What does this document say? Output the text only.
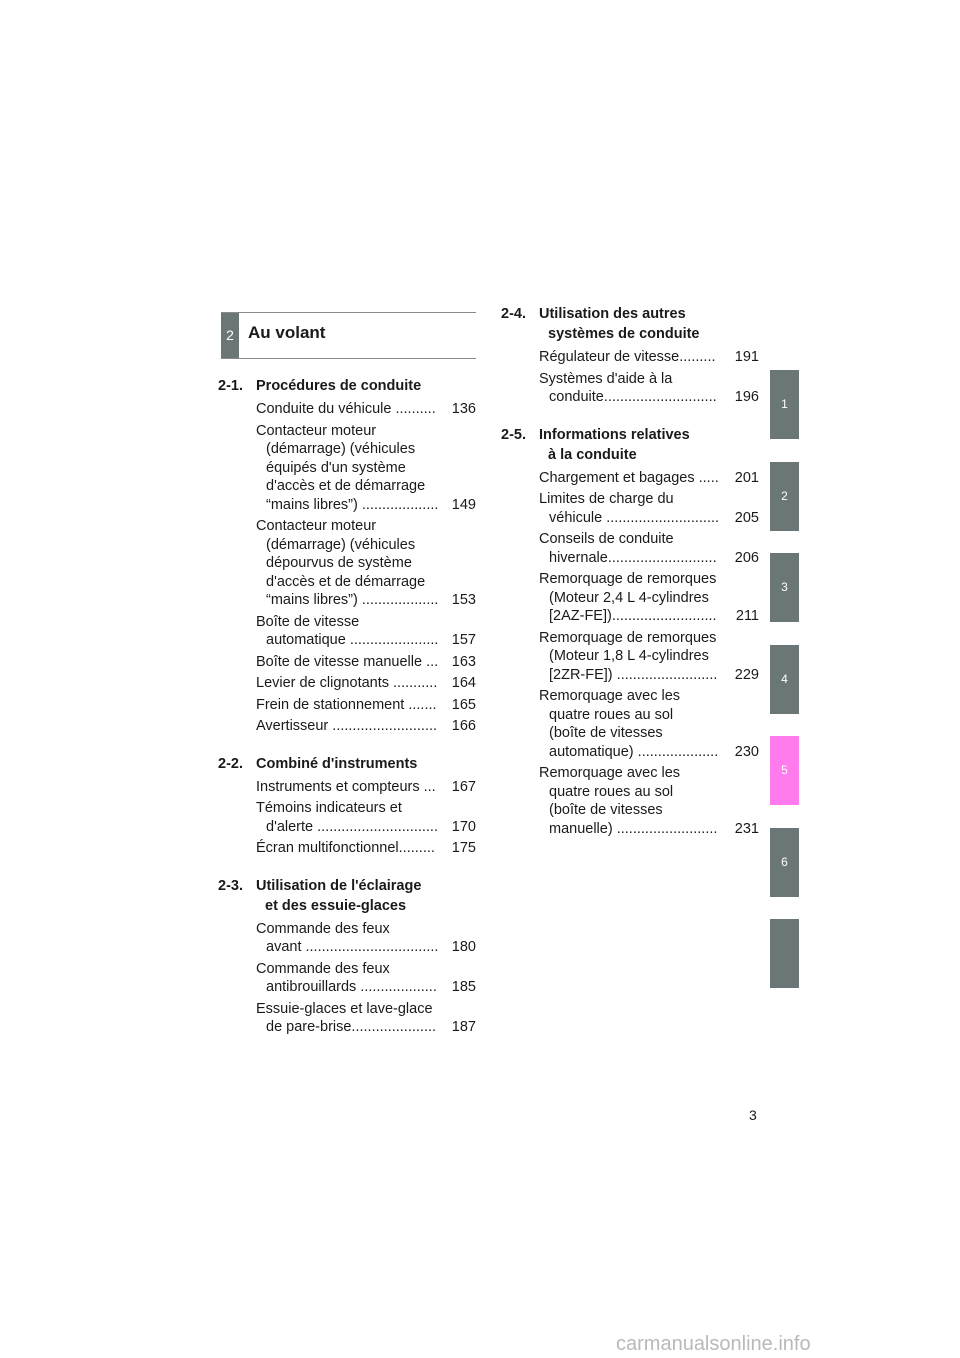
2 Au volant
2-1. Procédures de conduite
Conduite du véhicule ..........	136
Contacteur moteur
(démarrage) (véhicules
équipés d'un système
d'accès et de démarrage
“mains libres”) ................... 149
Contacteur moteur
(démarrage) (véhicules
dépourvus de système
d'accès et de démarrage
“mains libres”) ................... 153
Boîte de vitesse
automatique ...................... 157
Boîte de vitesse manuelle ... 163
Levier de clignotants ........... 164
Frein de stationnement .......	165
Avertisseur ..........................	166
2-2. Combiné d'instruments
Instruments et compteurs ...	167
Témoins indicateurs et
d'alerte .............................. 170
Écran multifonctionnel.........	175
2-3. Utilisation de l'éclairage
et des essuie-glaces
Commande des feux
avant ................................. 180
Commande des feux
antibrouillards ...................	185
Essuie-glaces et lave-glace
de pare-brise.....................	187
2-4. Utilisation des autres
systèmes de conduite
Régulateur de vitesse.........	191
Systèmes d'aide à la
conduite............................	196
2-5. Informations relatives
à la conduite
Chargement et bagages .....	201
Limites de charge du
véhicule ............................	205
Conseils de conduite
hivernale...........................	206
Remorquage de remorques
(Moteur 2,4 L 4-cylindres
[2AZ-FE])..........................	211
Remorquage de remorques
(Moteur 1,8 L 4-cylindres
[2ZR-FE]) .........................	229
Remorquage avec les
quatre roues au sol
(boîte de vitesses
automatique) ....................	230
Remorquage avec les
quatre roues au sol
(boîte de vitesses
manuelle) .........................	231
1
2
3
4
5
6
3
carmanualsonline.info
